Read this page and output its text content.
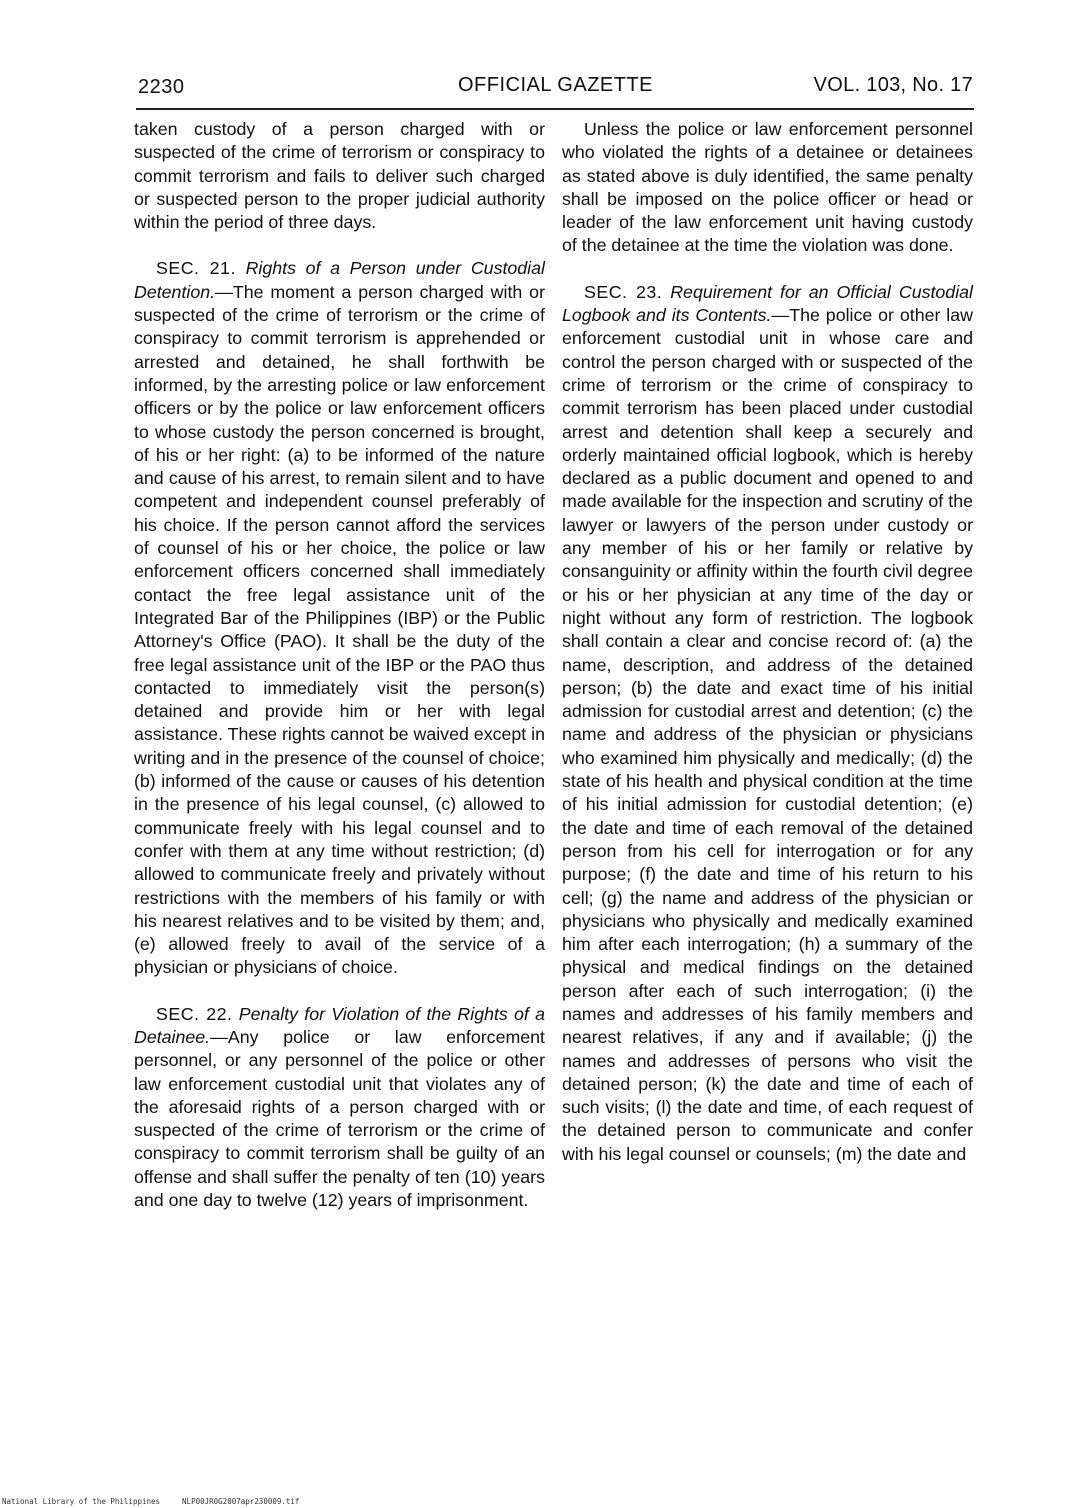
2230	OFFICIAL GAZETTE	VOL. 103, No. 17

taken custody of a person charged with or suspected of the crime of terrorism or conspiracy to commit terrorism and fails to deliver such charged or suspected person to the proper judicial authority within the period of three days.

SEC. 21. Rights of a Person under Custodial Detention.—The moment a person charged with or suspected of the crime of terrorism or the crime of conspiracy to commit terrorism is apprehended or arrested and detained, he shall forthwith be informed, by the arresting police or law enforcement officers or by the police or law enforcement officers to whose custody the person concerned is brought, of his or her right: (a) to be informed of the nature and cause of his arrest, to remain silent and to have competent and independent counsel preferably of his choice. If the person cannot afford the services of counsel of his or her choice, the police or law enforcement officers concerned shall immediately contact the free legal assistance unit of the Integrated Bar of the Philippines (IBP) or the Public Attorney's Office (PAO). It shall be the duty of the free legal assistance unit of the IBP or the PAO thus contacted to immediately visit the person(s) detained and provide him or her with legal assistance. These rights cannot be waived except in writing and in the presence of the counsel of choice; (b) informed of the cause or causes of his detention in the presence of his legal counsel, (c) allowed to communicate freely with his legal counsel and to confer with them at any time without restriction; (d) allowed to communicate freely and privately without restrictions with the members of his family or with his nearest relatives and to be visited by them; and, (e) allowed freely to avail of the service of a physician or physicians of choice.

SEC. 22. Penalty for Violation of the Rights of a Detainee.—Any police or law enforcement personnel, or any personnel of the police or other law enforcement custodial unit that violates any of the aforesaid rights of a person charged with or suspected of the crime of terrorism or the crime of conspiracy to commit terrorism shall be guilty of an offense and shall suffer the penalty of ten (10) years and one day to twelve (12) years of imprisonment.

Unless the police or law enforcement personnel who violated the rights of a detainee or detainees as stated above is duly identified, the same penalty shall be imposed on the police officer or head or leader of the law enforcement unit having custody of the detainee at the time the violation was done.

SEC. 23. Requirement for an Official Custodial Logbook and its Contents.—The police or other law enforcement custodial unit in whose care and control the person charged with or suspected of the crime of terrorism or the crime of conspiracy to commit terrorism has been placed under custodial arrest and detention shall keep a securely and orderly maintained official logbook, which is hereby declared as a public document and opened to and made available for the inspection and scrutiny of the lawyer or lawyers of the person under custody or any member of his or her family or relative by consanguinity or affinity within the fourth civil degree or his or her physician at any time of the day or night without any form of restriction. The logbook shall contain a clear and concise record of: (a) the name, description, and address of the detained person; (b) the date and exact time of his initial admission for custodial arrest and detention; (c) the name and address of the physician or physicians who examined him physically and medically; (d) the state of his health and physical condition at the time of his initial admission for custodial detention; (e) the date and time of each removal of the detained person from his cell for interrogation or for any purpose; (f) the date and time of his return to his cell; (g) the name and address of the physician or physicians who physically and medically examined him after each interrogation; (h) a summary of the physical and medical findings on the detained person after each of such interrogation; (i) the names and addresses of his family members and nearest relatives, if any and if available; (j) the names and addresses of persons who visit the detained person; (k) the date and time of each of such visits; (l) the date and time, of each request of the detained person to communicate and confer with his legal counsel or counsels; (m) the date and

National Library of the Philippines	NLP00JR0G2007apr230009.tif
